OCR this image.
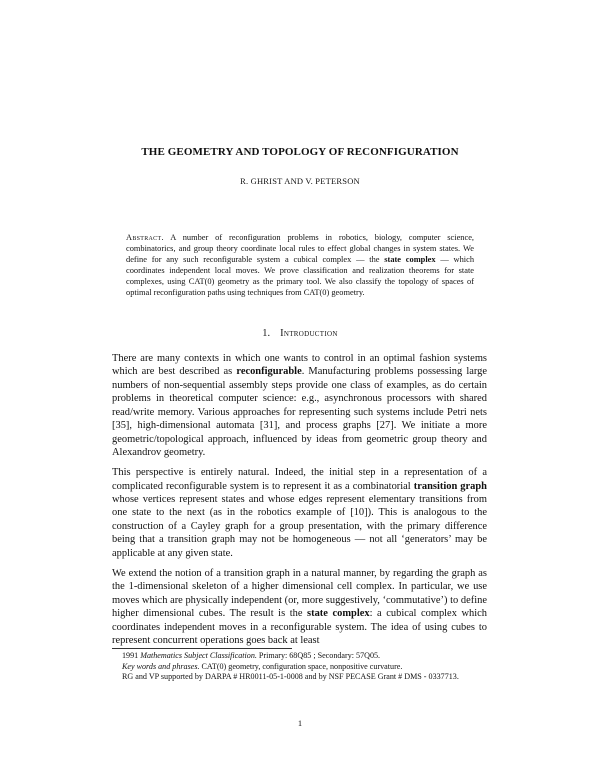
THE GEOMETRY AND TOPOLOGY OF RECONFIGURATION
R. GHRIST AND V. PETERSON
Abstract. A number of reconfiguration problems in robotics, biology, computer science, combinatorics, and group theory coordinate local rules to effect global changes in system states. We define for any such reconfigurable system a cubical complex — the state complex — which coordinates independent local moves. We prove classification and realization theorems for state complexes, using CAT(0) geometry as the primary tool. We also classify the topology of spaces of optimal reconfiguration paths using techniques from CAT(0) geometry.
1. Introduction

There are many contexts in which one wants to control in an optimal fashion systems which are best described as reconfigurable. Manufacturing problems possessing large numbers of non-sequential assembly steps provide one class of examples, as do certain problems in theoretical computer science: e.g., asynchronous processors with shared read/write memory. Various approaches for representing such systems include Petri nets [35], high-dimensional automata [31], and process graphs [27]. We initiate a more geometric/topological approach, influenced by ideas from geometric group theory and Alexandrov geometry.

This perspective is entirely natural. Indeed, the initial step in a representation of a complicated reconfigurable system is to represent it as a combinatorial transition graph whose vertices represent states and whose edges represent elementary transitions from one state to the next (as in the robotics example of [10]). This is analogous to the construction of a Cayley graph for a group presentation, with the primary difference being that a transition graph may not be homogeneous — not all ‘generators’ may be applicable at any given state.

We extend the notion of a transition graph in a natural manner, by regarding the graph as the 1-dimensional skeleton of a higher dimensional cell complex. In particular, we use moves which are physically independent (or, more suggestively, ‘commutative’) to define higher dimensional cubes. The result is the state complex: a cubical complex which coordinates independent moves in a reconfigurable system. The idea of using cubes to represent concurrent operations goes back at least

1991 Mathematics Subject Classification. Primary: 68Q85 ; Secondary: 57Q05.

Key words and phrases. CAT(0) geometry, configuration space, nonpositive curvature.

RG and VP supported by DARPA # HR0011-05-1-0008 and by NSF PECASE Grant # DMS - 0337713.

1
